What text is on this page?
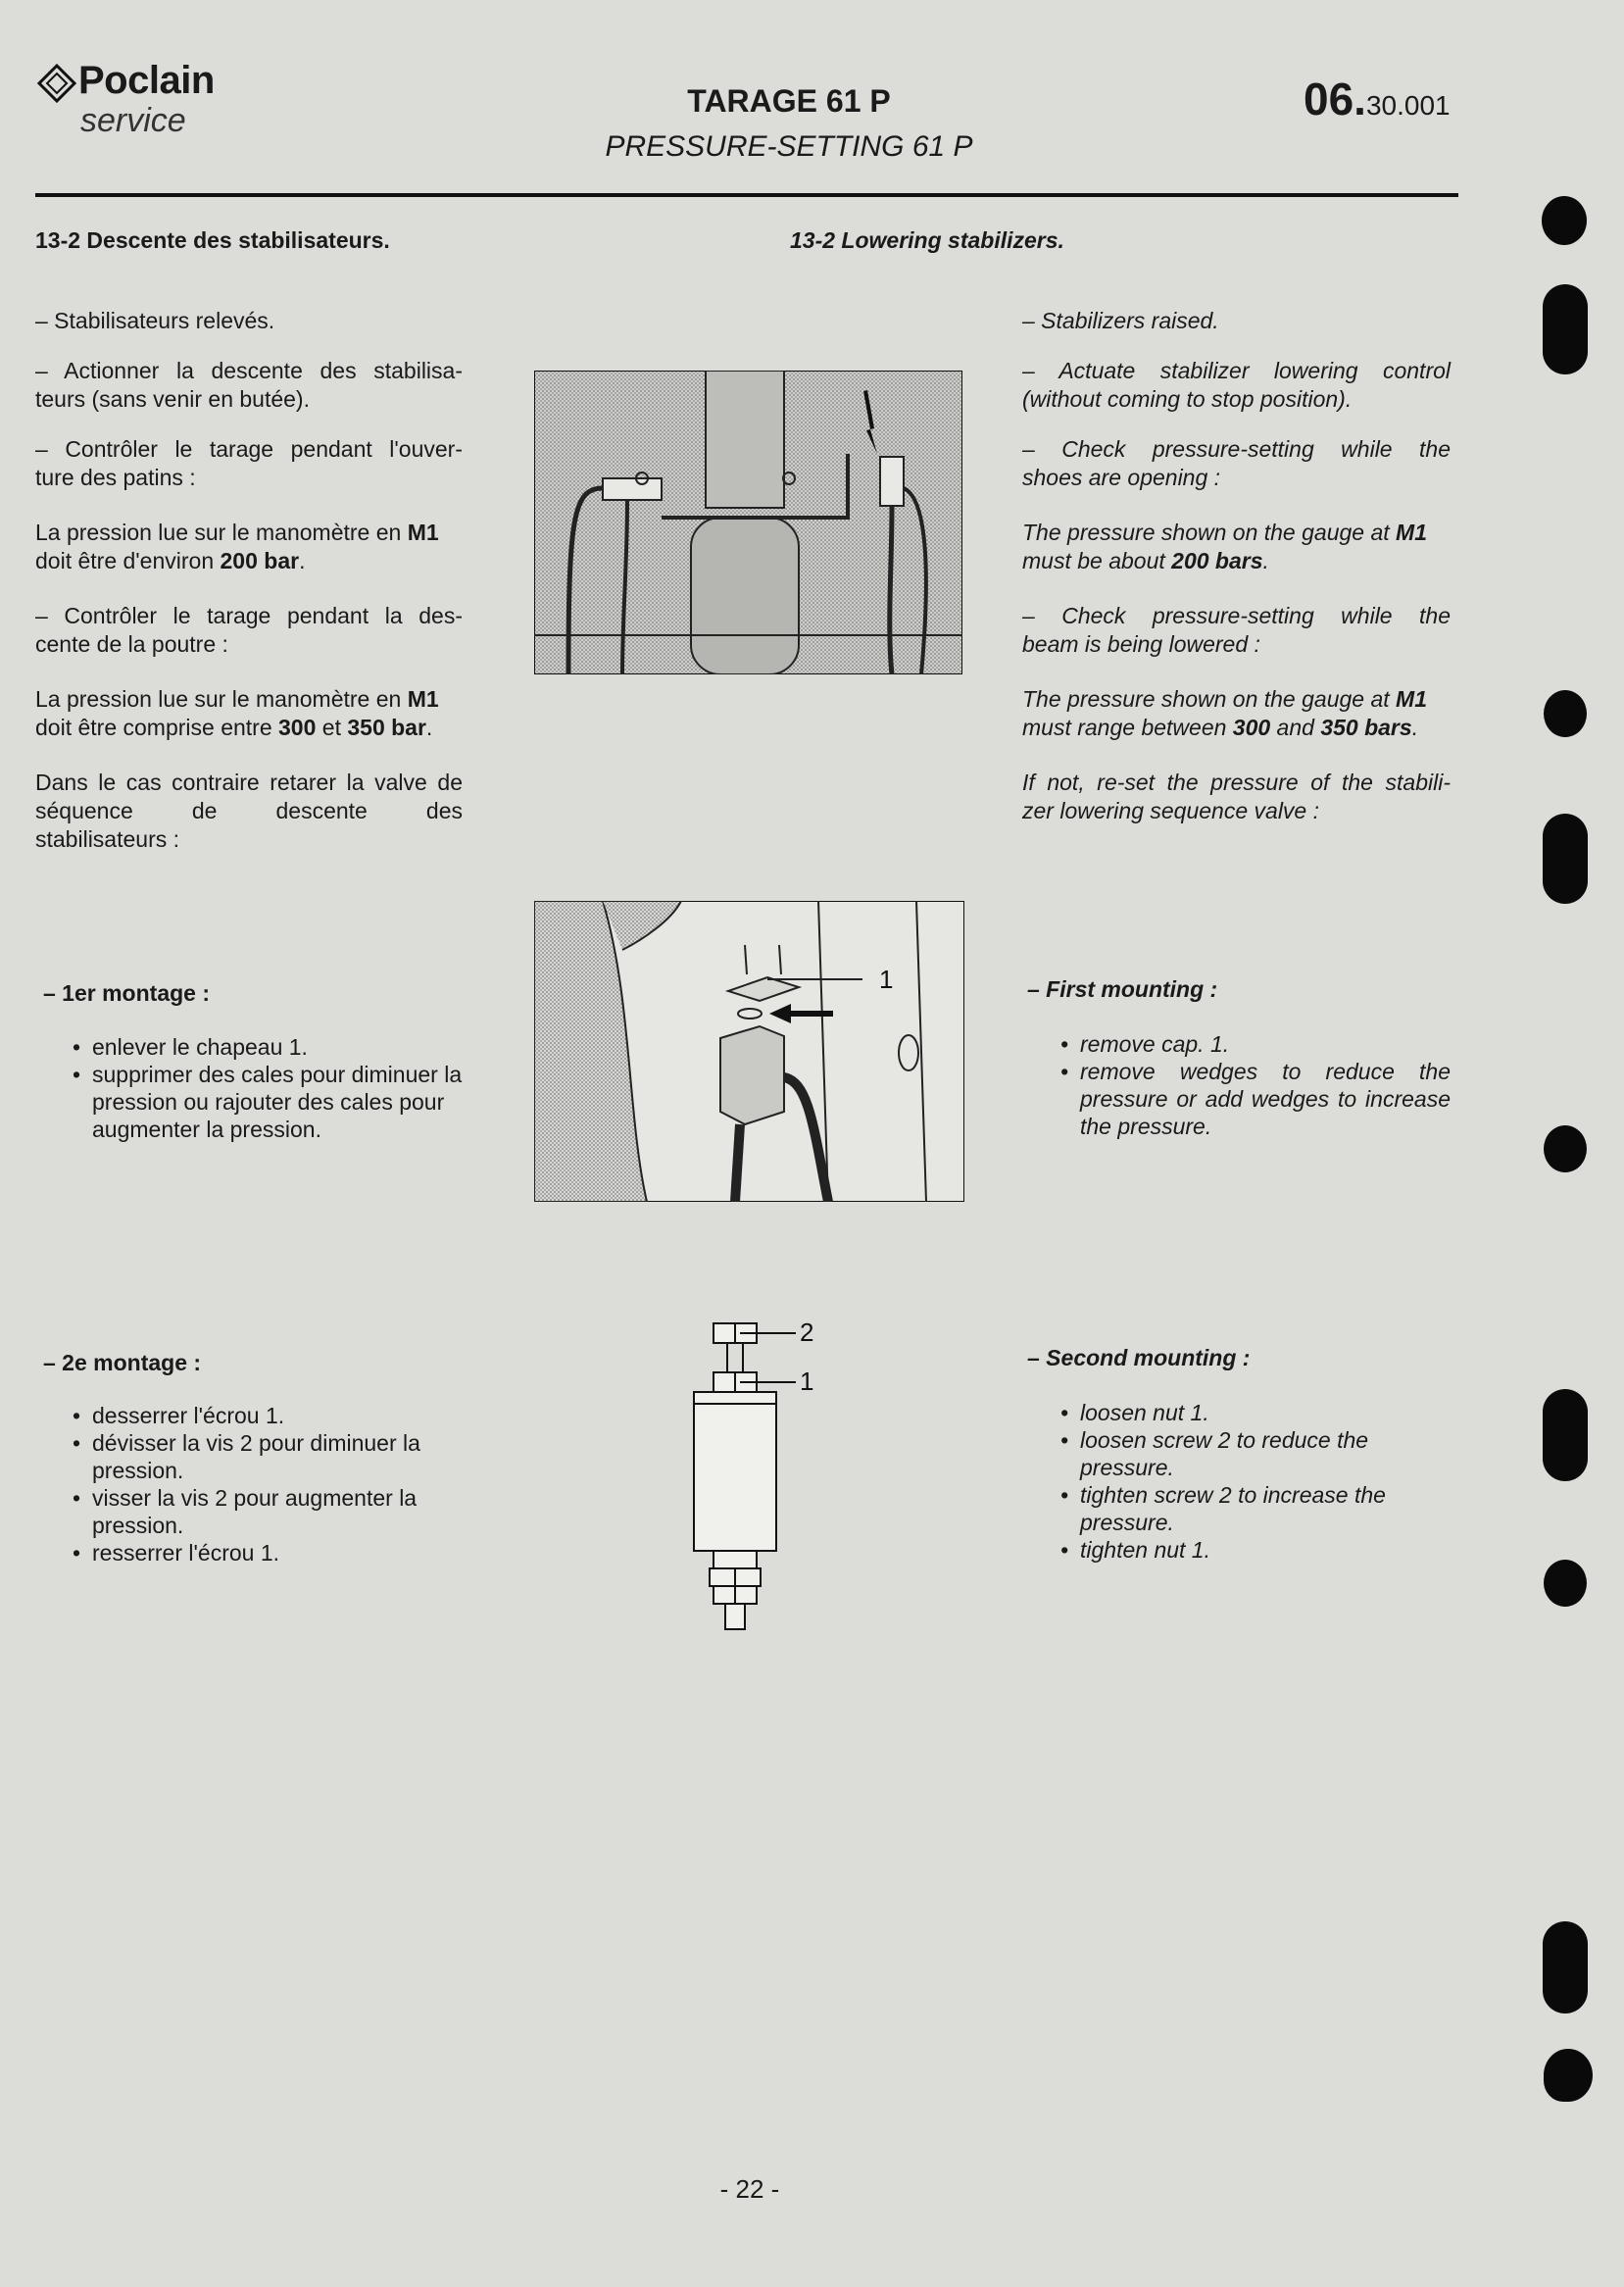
Poclain
service
TARAGE 61 P
PRESSURE-SETTING 61 P
06.30.001
13-2 Descente des stabilisateurs.	13-2 Lowering stabilizers.
– Stabilisateurs relevés.
– Actionner la descente des stabilisa-
teurs (sans venir en butée).
– Contrôler le tarage pendant l'ouver-
ture des patins :
La pression lue sur le manomètre en M1
doit être d'environ 200 bar.
– Contrôler le tarage pendant la des-
cente de la poutre :
La pression lue sur le manomètre en M1
doit être comprise entre 300 et 350 bar.
Dans le cas contraire retarer la valve de
séquence de descente des
stabilisateurs :
– 1er montage :
• enlever le chapeau 1.
• supprimer des cales pour diminuer la pression ou rajouter des cales pour augmenter la pression.
– 2e montage :
• desserrer l'écrou 1.
• dévisser la vis 2 pour diminuer la pression.
• visser la vis 2 pour augmenter la pression.
• resserrer l'écrou 1.
– Stabilizers raised.
– Actuate stabilizer lowering control
(without coming to stop position).
– Check pressure-setting while the
shoes are opening :
The pressure shown on the gauge at M1
must be about 200 bars.
– Check pressure-setting while the
beam is being lowered :
The pressure shown on the gauge at M1
must range between 300 and 350 bars.
If not, re-set the pressure of the stabili-
zer lowering sequence valve :
– First mounting :
• remove cap. 1.
• remove wedges to reduce the pressure or add wedges to increase the pressure.
– Second mounting :
• loosen nut 1.
• loosen screw 2 to reduce the pressure.
• tighten screw 2 to increase the pressure.
• tighten nut 1.
1
2
1
- 22 -
